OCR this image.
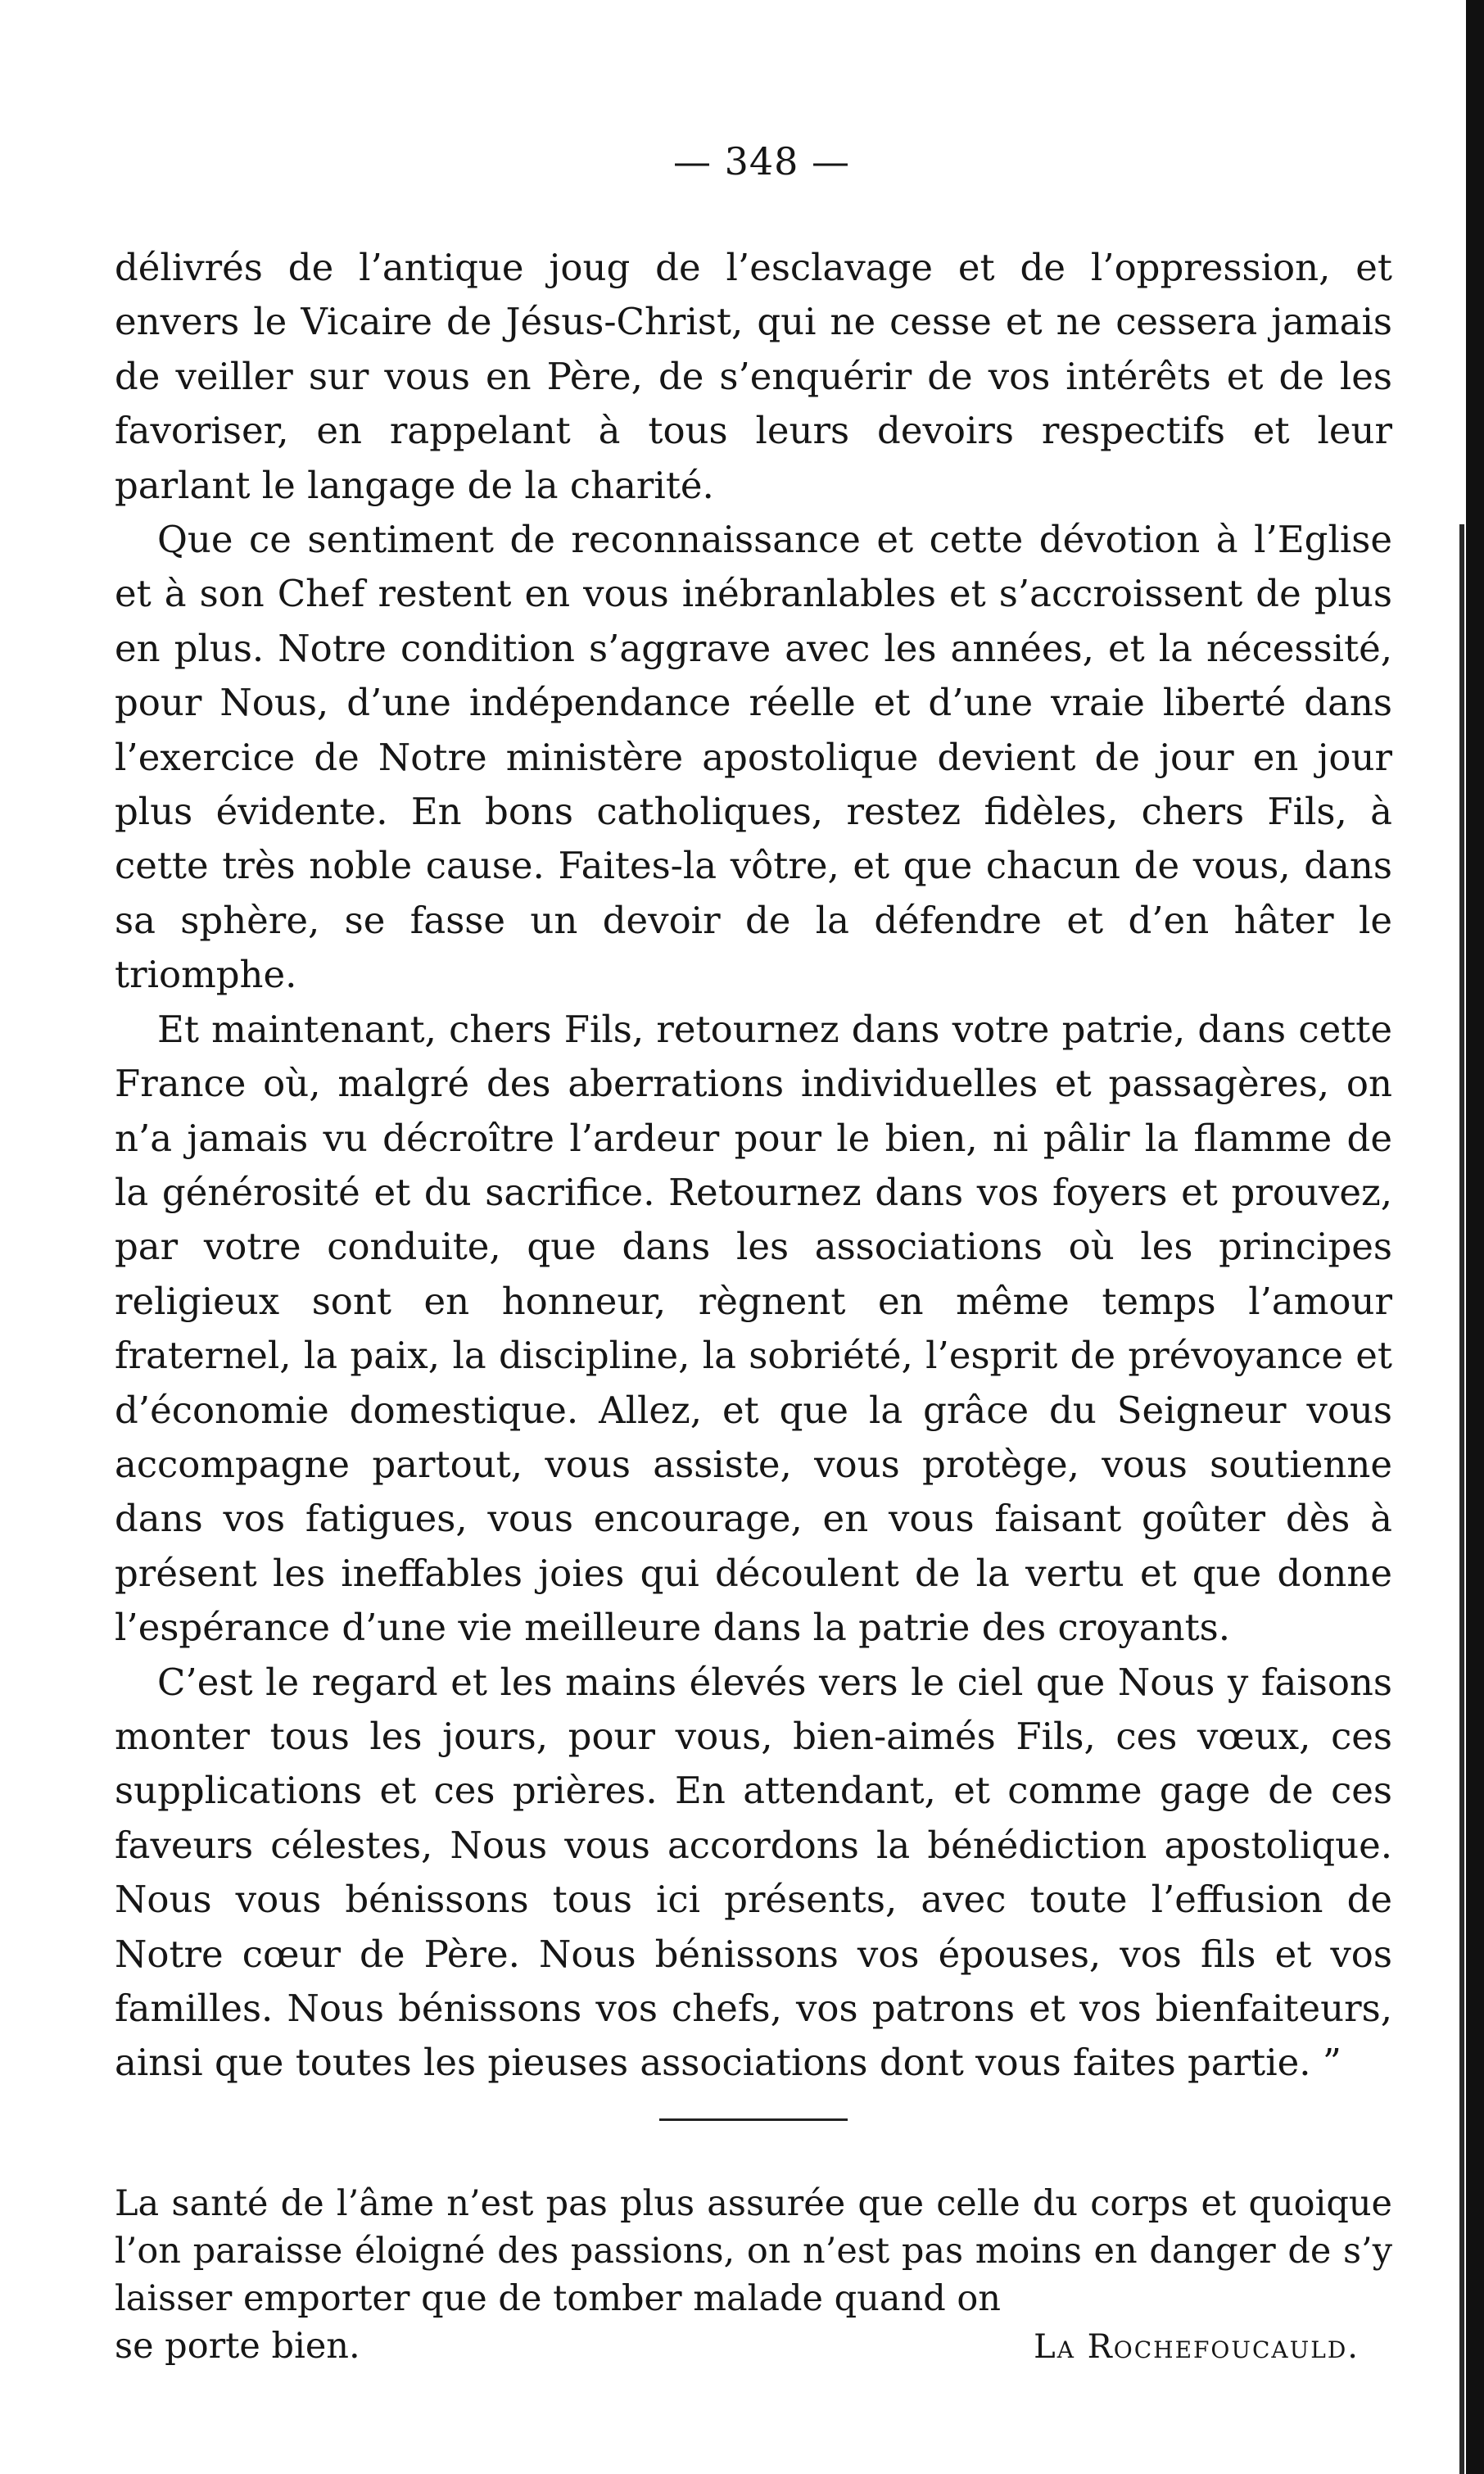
— 348 —

délivrés de l’antique joug de l’esclavage et de l’oppression, et envers le Vicaire de Jésus-Christ, qui ne cesse et ne cessera jamais de veiller sur vous en Père, de s’enquérir de vos intérêts et de les favoriser, en rappelant à tous leurs devoirs respectifs et leur parlant le langage de la charité.

Que ce sentiment de reconnaissance et cette dévotion à l’Eglise et à son Chef restent en vous inébranlables et s’accroissent de plus en plus. Notre condition s’aggrave avec les années, et la nécessité, pour Nous, d’une indépendance réelle et d’une vraie liberté dans l’exercice de Notre ministère apostolique devient de jour en jour plus évidente. En bons catholiques, restez fidèles, chers Fils, à cette très noble cause. Faites-la vôtre, et que chacun de vous, dans sa sphère, se fasse un devoir de la défendre et d’en hâter le triomphe.

Et maintenant, chers Fils, retournez dans votre patrie, dans cette France où, malgré des aberrations individuelles et passagères, on n’a jamais vu décroître l’ardeur pour le bien, ni pâlir la flamme de la générosité et du sacrifice. Retournez dans vos foyers et prouvez, par votre conduite, que dans les associations où les principes religieux sont en honneur, règnent en même temps l’amour fraternel, la paix, la discipline, la sobriété, l’esprit de prévoyance et d’économie domestique. Allez, et que la grâce du Seigneur vous accompagne partout, vous assiste, vous protège, vous soutienne dans vos fatigues, vous encourage, en vous faisant goûter dès à présent les ineffables joies qui découlent de la vertu et que donne l’espérance d’une vie meilleure dans la patrie des croyants.

C’est le regard et les mains élevés vers le ciel que Nous y faisons monter tous les jours, pour vous, bien-aimés Fils, ces vœux, ces supplications et ces prières. En attendant, et comme gage de ces faveurs célestes, Nous vous accordons la bénédiction apostolique. Nous vous bénissons tous ici présents, avec toute l’effusion de Notre cœur de Père. Nous bénissons vos épouses, vos fils et vos familles. Nous bénissons vos chefs, vos patrons et vos bienfaiteurs, ainsi que toutes les pieuses associations dont vous faites partie. ”

La santé de l’âme n’est pas plus assurée que celle du corps et quoique l’on paraisse éloigné des passions, on n’est pas moins en danger de s’y laisser emporter que de tomber malade quand on
se porte bien.	La Rochefoucauld.
